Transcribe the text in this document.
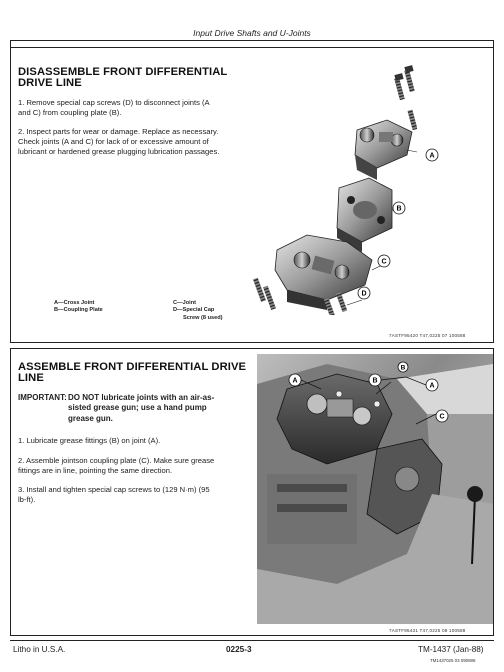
Input Drive Shafts and U-Joints
DISASSEMBLE FRONT DIFFERENTIAL
DRIVE LINE
1. Remove special cap screws (D) to disconnect joints (A
and C) from coupling plate (B).
2. Inspect parts for wear or damage. Replace as necessary.
Check joints (A and C) for lack of or excessive amount of
lubricant or hardened grease plugging lubrication passages.
A—Cross Joint
B—Coupling Plate
C—Joint
D—Special Cap
Screw (8 used)
A
B
C
D
7ASTF95420 T47,0225 07 100588
ASSEMBLE FRONT DIFFERENTIAL DRIVE
LINE
IMPORTANT: DO NOT lubricate joints with an air-as-
sisted grease gun; use a hand pump
grease gun.
1. Lubricate grease fittings (B) on joint (A).
2. Assemble jointson coupling plate (C). Make sure grease
fittings are in line, pointing the same direction.
3. Install and tighten special cap screws to (129 N·m) (95
lb-ft).
A	B
C
A
B
7ASTF95431 T47,0225 08 100588
Litho in U.S.A.	0225-3	TM-1437 (Jan-88)
TM1437025 03 090888
